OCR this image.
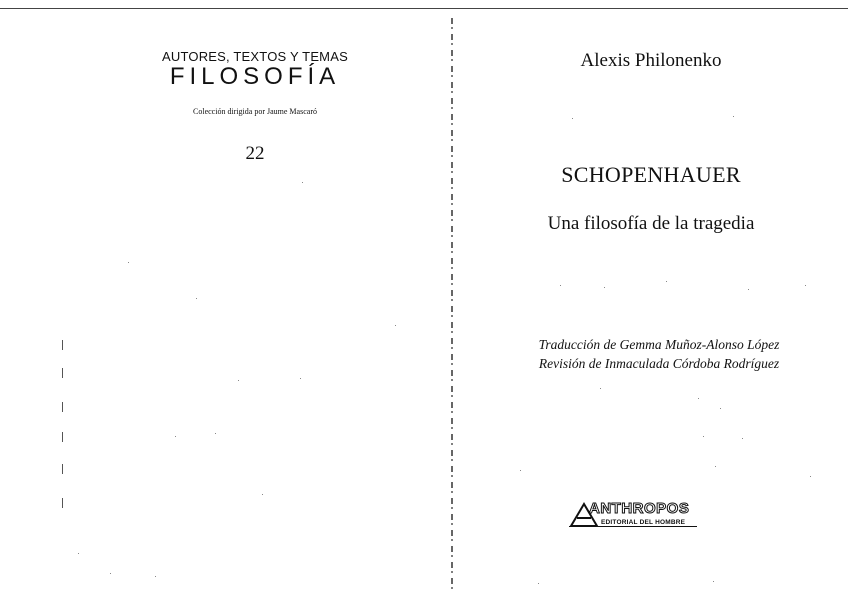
AUTORES, TEXTOS Y TEMAS
FILOSOFÍA
Colección dirigida por Jaume Mascaró
22
Alexis Philonenko
SCHOPENHAUER
Una filosofía de la tragedia
Traducción de Gemma Muñoz-Alonso López
Revisión de Inmaculada Córdoba Rodríguez
ANTHROPOS
EDITORIAL DEL HOMBRE
